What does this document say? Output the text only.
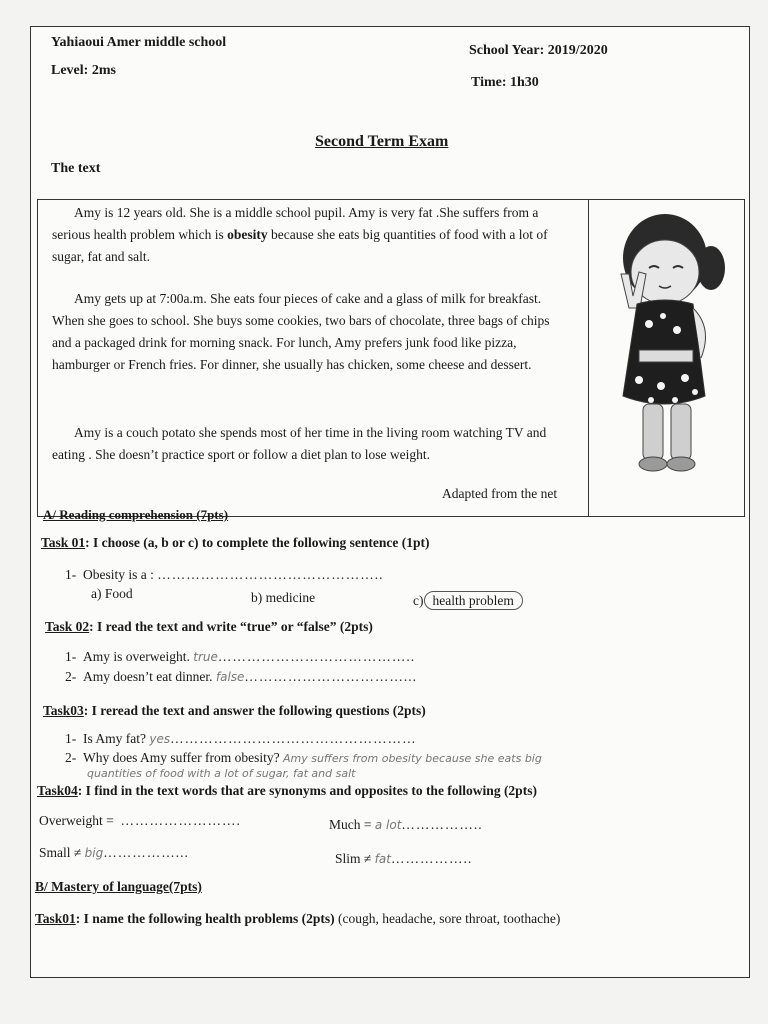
Yahiaoui Amer middle school
Level: 2ms
School Year: 2019/2020
Time: 1h30
Second Term Exam
The text
Amy is 12 years old. She is a middle school pupil. Amy is very fat .She suffers from a serious health problem which is obesity because she eats big quantities of food with a lot of sugar, fat and salt.
Amy gets up at 7:00a.m. She eats four pieces of cake and a glass of milk for breakfast. When she goes to school. She buys some cookies, two bars of chocolate, three bags of chips and a packaged drink for morning snack. For lunch, Amy prefers junk food like pizza, hamburger or French fries. For dinner, she usually has chicken, some cheese and dessert.
Amy is a couch potato she spends most of her time in the living room watching TV and eating . She doesn’t practice sport or follow a diet plan to lose weight.
Adapted from the net
A/ Reading comprehension (7pts)
Task 01: I choose (a, b or c) to complete the following sentence (1pt)
1- Obesity is a : ………………………………………..
a) Food	b) medicine	c) health problem
Task 02: I read the text and write “true” or “false” (2pts)
1- Amy is overweight. true…………………………………..
2- Amy doesn’t eat dinner. false……………………………...
Task03: I reread the text and answer the following questions (2pts)
1- Is Amy fat? yes……………………………………………
2- Why does Amy suffer from obesity? Amy suffers from obesity because she eats big
quantities of food with a lot of sugar, fat and salt
Task04: I find in the text words that are synonyms and opposites to the following (2pts)
Overweight = …………………….	Much = a lot……………..
Small ≠ big……………...	Slim ≠ fat……………..
B/ Mastery of language(7pts)
Task01: I name the following health problems (2pts) (cough, headache, sore throat, toothache)
